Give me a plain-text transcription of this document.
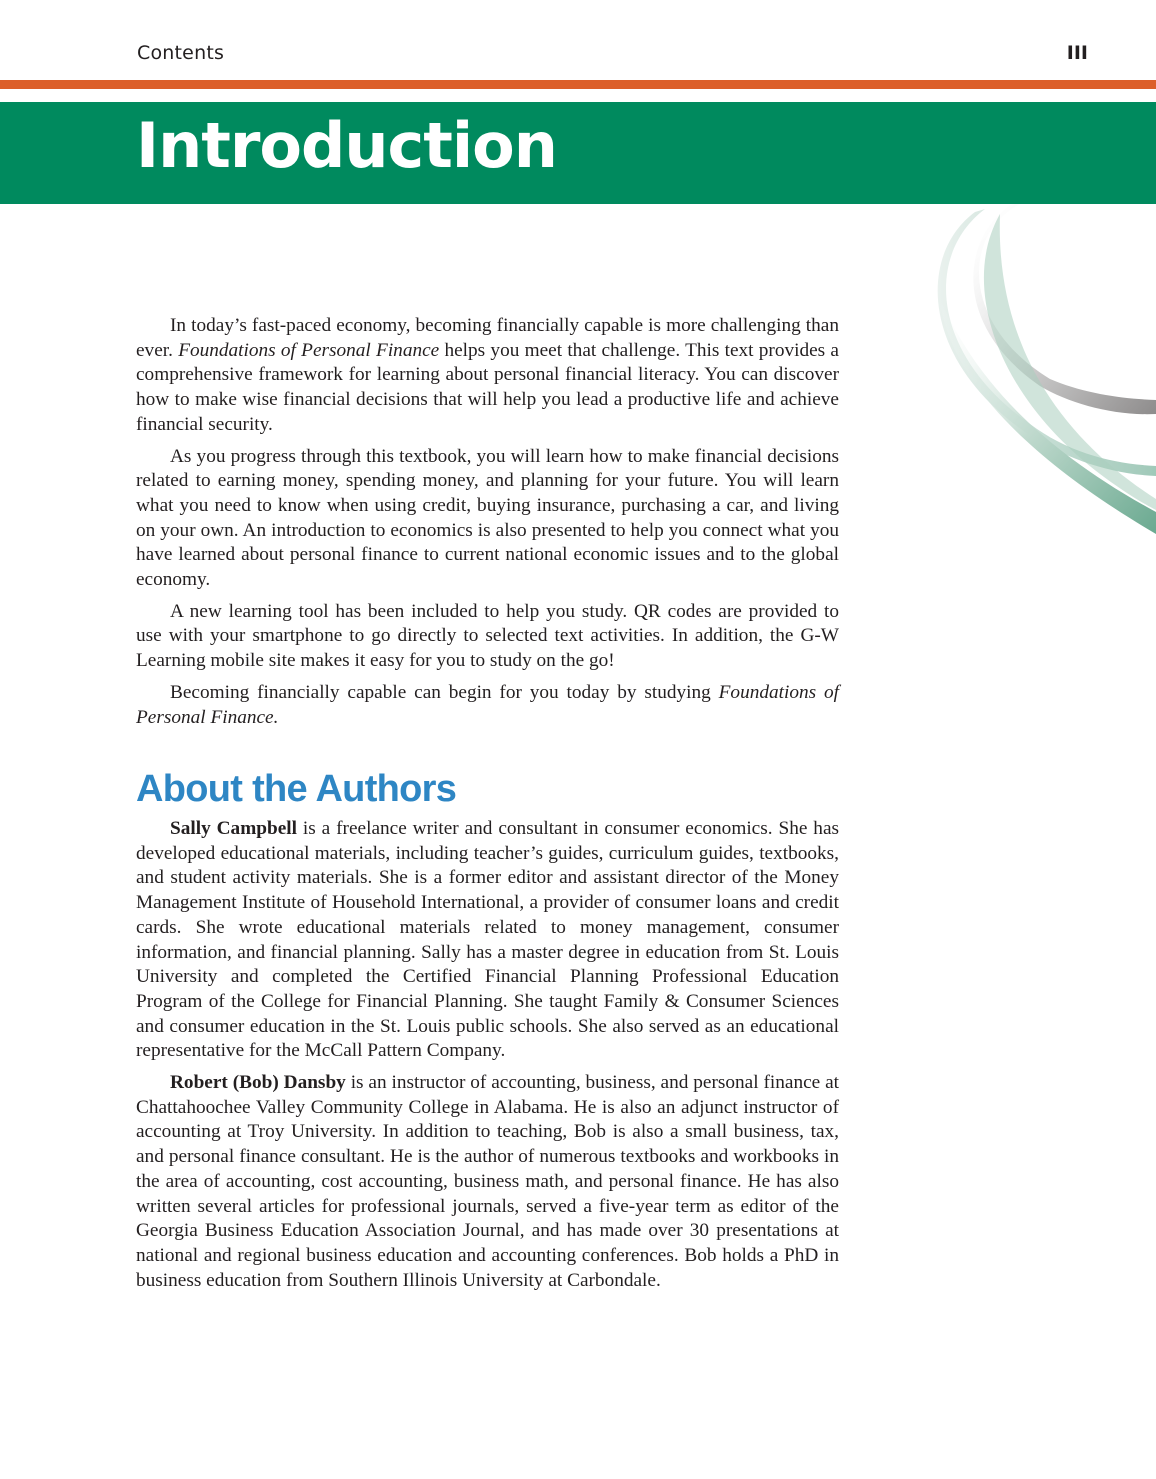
Contents	III
Introduction

In today’s fast-paced economy, becoming financially capable is more challenging than ever. Foundations of Personal Finance helps you meet that challenge. This text provides a comprehensive framework for learning about personal financial literacy. You can discover how to make wise financial decisions that will help you lead a productive life and achieve financial security.

As you progress through this textbook, you will learn how to make financial decisions related to earning money, spending money, and planning for your future. You will learn what you need to know when using credit, buying insurance, purchasing a car, and living on your own. An introduction to economics is also presented to help you connect what you have learned about personal finance to current national economic issues and to the global economy.

A new learning tool has been included to help you study. QR codes are provided to use with your smartphone to go directly to selected text activities. In addition, the G-W Learning mobile site makes it easy for you to study on the go!

Becoming financially capable can begin for you today by studying Foundations of Personal Finance.

About the Authors

Sally Campbell is a freelance writer and consultant in consumer economics. She has developed educational materials, including teacher’s guides, curriculum guides, textbooks, and student activity materials. She is a former editor and assistant director of the Money Management Institute of Household International, a provider of consumer loans and credit cards. She wrote educational materials related to money management, consumer information, and financial planning. Sally has a master degree in education from St. Louis University and completed the Certified Financial Planning Professional Education Program of the College for Financial Planning. She taught Family & Consumer Sciences and consumer education in the St. Louis public schools. She also served as an educational representative for the McCall Pattern Company.

Robert (Bob) Dansby is an instructor of accounting, business, and personal finance at Chattahoochee Valley Community College in Alabama. He is also an adjunct instructor of accounting at Troy University. In addition to teaching, Bob is also a small business, tax, and personal finance consultant. He is the author of numerous textbooks and workbooks in the area of accounting, cost accounting, business math, and personal finance. He has also written several articles for professional journals, served a five-year term as editor of the Georgia Business Education Association Journal, and has made over 30 presentations at national and regional business education and accounting conferences. Bob holds a PhD in business education from Southern Illinois University at Carbondale.
